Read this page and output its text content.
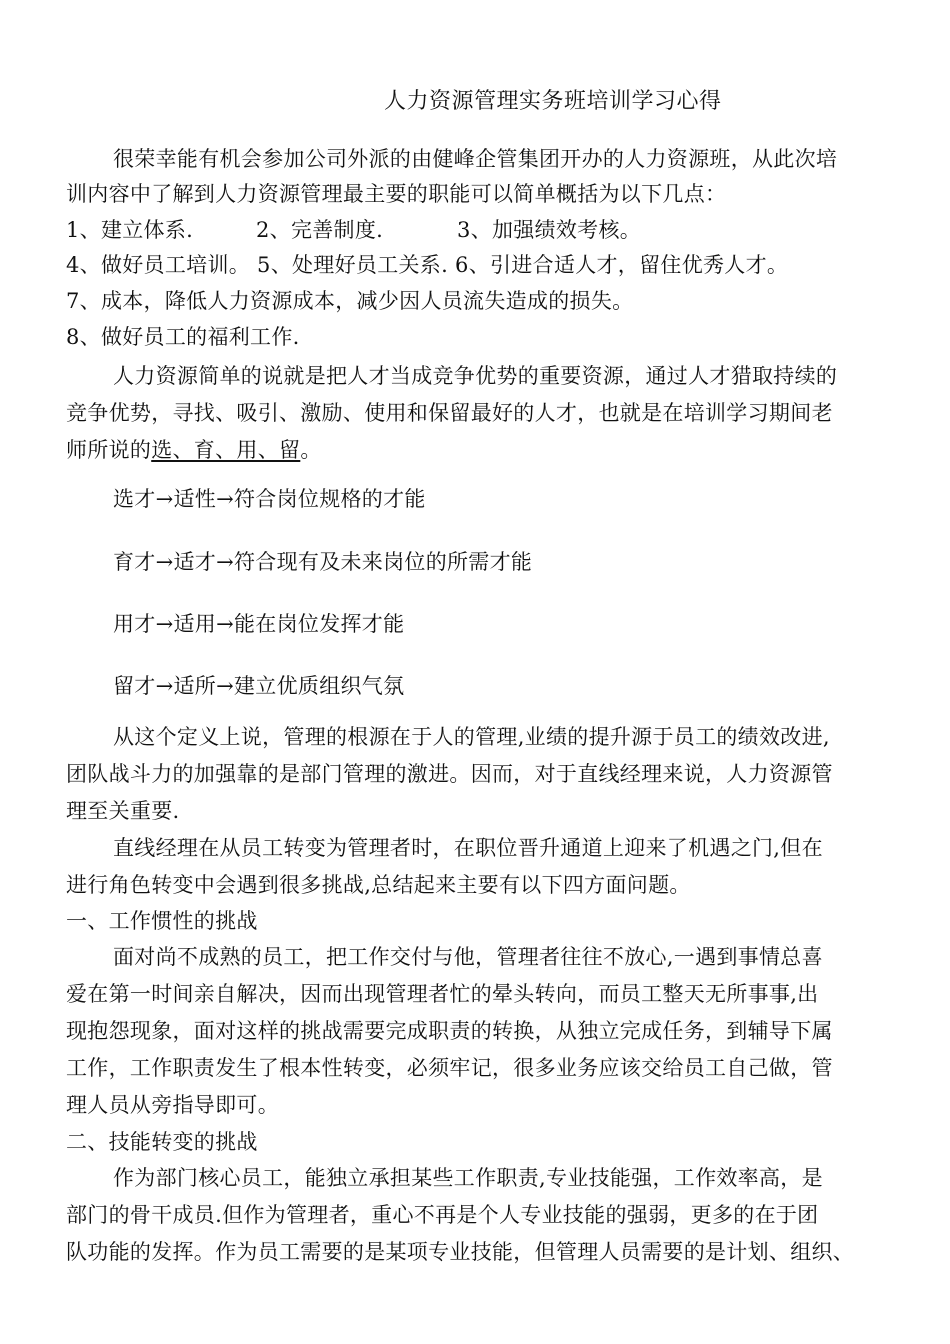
人力资源管理实务班培训学习心得
很荣幸能有机会参加公司外派的由健峰企管集团开办的人力资源班，从此次培
训内容中了解到人力资源管理最主要的职能可以简单概括为以下几点：
1、建立体系.	2、完善制度.	3、加强绩效考核。
4、做好员工培训。 5、处理好员工关系. 6、引进合适人才，留住优秀人才。
7、成本，降低人力资源成本，减少因人员流失造成的损失。
8、做好员工的福利工作.
人力资源简单的说就是把人才当成竞争优势的重要资源，通过人才猎取持续的
竞争优势，寻找、吸引、激励、使用和保留最好的人才，也就是在培训学习期间老
师所说的选、育、用、留。
选才→适性→符合岗位规格的才能
育才→适才→符合现有及未来岗位的所需才能
用才→适用→能在岗位发挥才能
留才→适所→建立优质组织气氛
从这个定义上说，管理的根源在于人的管理,业绩的提升源于员工的绩效改进,
团队战斗力的加强靠的是部门管理的激进。因而，对于直线经理来说，人力资源管
理至关重要.
直线经理在从员工转变为管理者时，在职位晋升通道上迎来了机遇之门,但在
进行角色转变中会遇到很多挑战,总结起来主要有以下四方面问题。
一、工作惯性的挑战
面对尚不成熟的员工，把工作交付与他，管理者往往不放心,一遇到事情总喜
爱在第一时间亲自解决，因而出现管理者忙的晕头转向，而员工整天无所事事,出
现抱怨现象，面对这样的挑战需要完成职责的转换，从独立完成任务，到辅导下属
工作，工作职责发生了根本性转变，必须牢记，很多业务应该交给员工自己做，管
理人员从旁指导即可。
二、技能转变的挑战
作为部门核心员工，能独立承担某些工作职责,专业技能强，工作效率高，是
部门的骨干成员.但作为管理者，重心不再是个人专业技能的强弱，更多的在于团
队功能的发挥。作为员工需要的是某项专业技能，但管理人员需要的是计划、组织、
